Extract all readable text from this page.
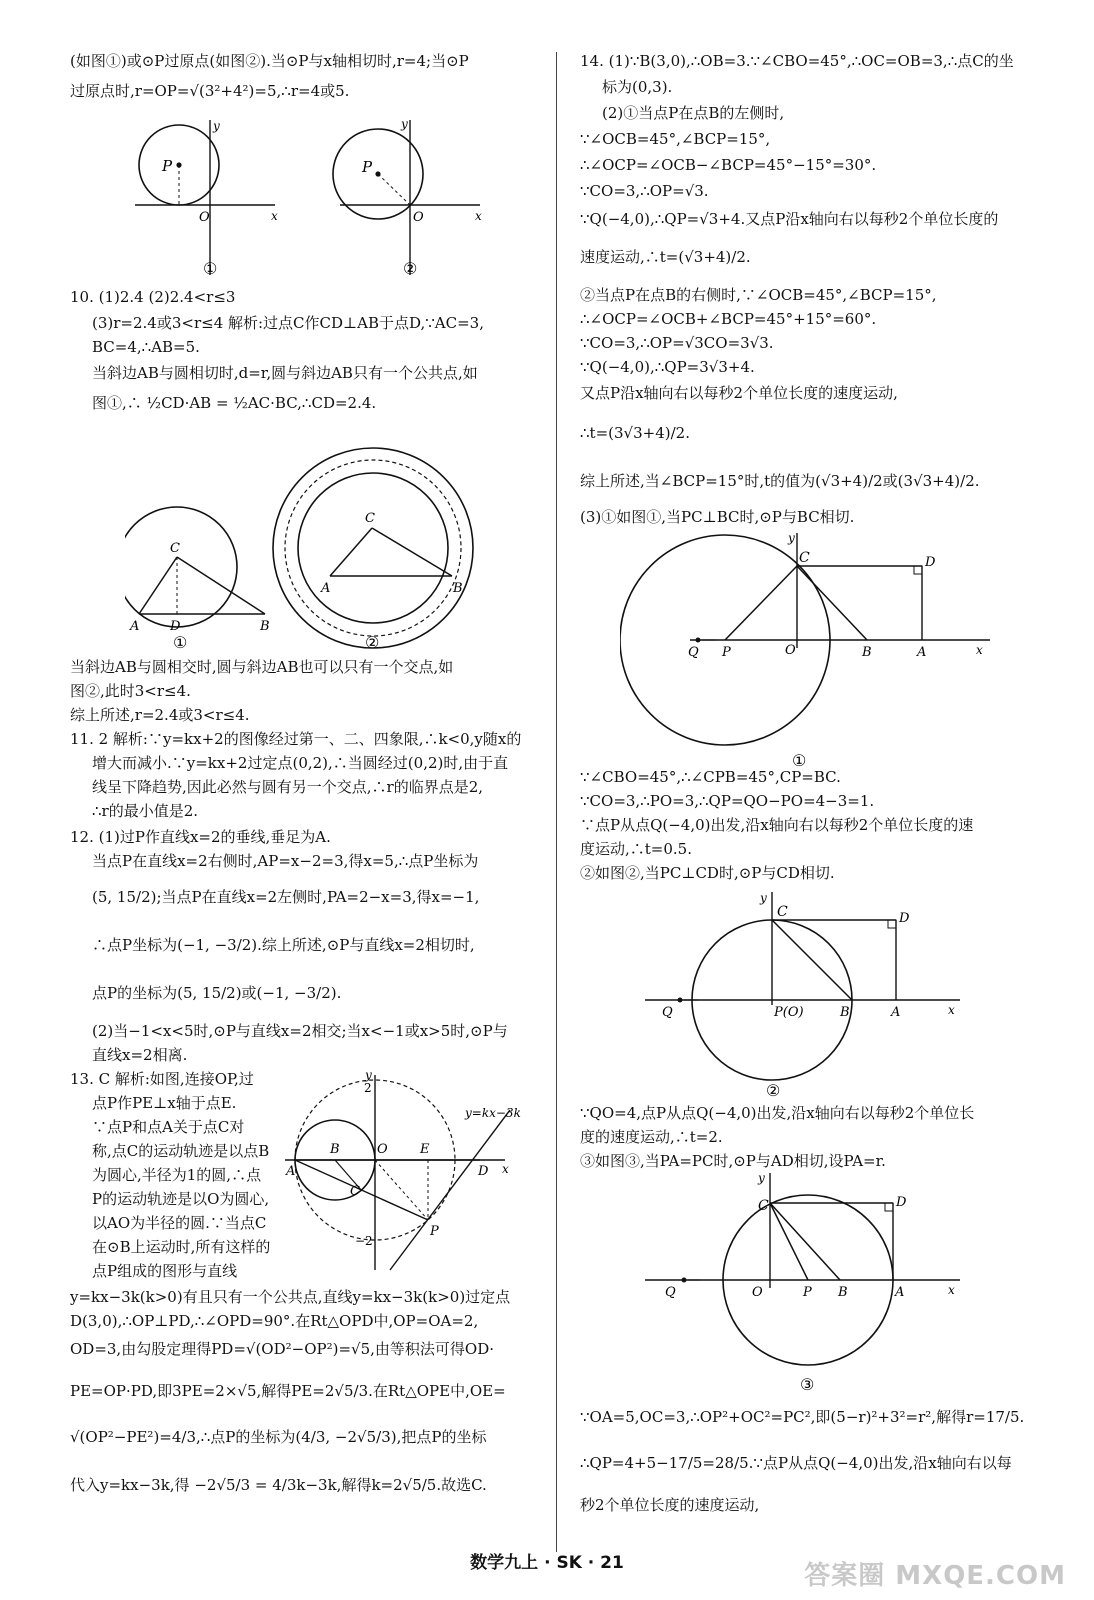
(如图①)或⊙P过原点(如图②).当⊙P与x轴相切时,r=4;当⊙P
过原点时,r=OP=√(3²+4²)=5,∴r=4或5.
P
O	x
y
①
P
O	x
y
②
10. (1)2.4 (2)2.4<r≤3
(3)r=2.4或3<r≤4 解析:过点C作CD⊥AB于点D,∵AC=3,
BC=4,∴AB=5.
当斜边AB与圆相切时,d=r,圆与斜边AB只有一个公共点,如
图①,∴ ½CD·AB = ½AC·BC,∴CD=2.4.
C
A D	B
①
C
A	B
②
当斜边AB与圆相交时,圆与斜边AB也可以只有一个交点,如
图②,此时3<r≤4.
综上所述,r=2.4或3<r≤4.
11. 2 解析:∵y=kx+2的图像经过第一、二、四象限,∴k<0,y随x的
增大而减小.∵y=kx+2过定点(0,2),∴当圆经过(0,2)时,由于直
线呈下降趋势,因此必然与圆有另一个交点,∴r的临界点是2,
∴r的最小值是2.
12. (1)过P作直线x=2的垂线,垂足为A.
当点P在直线x=2右侧时,AP=x−2=3,得x=5,∴点P坐标为
(5, 15/2);当点P在直线x=2左侧时,PA=2−x=3,得x=−1,
∴点P坐标为(−1, −3/2).综上所述,⊙P与直线x=2相切时,
点P的坐标为(5, 15/2)或(−1, −3/2).
(2)当−1<x<5时,⊙P与直线x=2相交;当x<−1或x>5时,⊙P与
直线x=2相离.
13. C 解析:如图,连接OP,过
点P作PE⊥x轴于点E.
∵点P和点A关于点C对
称,点C的运动轨迹是以点B
为圆心,半径为1的圆,∴点
P的运动轨迹是以O为圆心,
以AO为半径的圆.∵当点C
在⊙B上运动时,所有这样的
点P组成的图形与直线
A
B
C
D
E
O
P
x
y
2
−2
y=kx−3k
y=kx−3k(k>0)有且只有一个公共点,直线y=kx−3k(k>0)过定点
D(3,0),∴OP⊥PD,∴∠OPD=90°.在Rt△OPD中,OP=OA=2,
OD=3,由勾股定理得PD=√(OD²−OP²)=√5,由等积法可得OD·
PE=OP·PD,即3PE=2×√5,解得PE=2√5/3.在Rt△OPE中,OE=
√(OP²−PE²)=4/3,∴点P的坐标为(4/3, −2√5/3),把点P的坐标
代入y=kx−3k,得 −2√5/3 = 4/3k−3k,解得k=2√5/5.故选C.
14. (1)∵B(3,0),∴OB=3.∵∠CBO=45°,∴OC=OB=3,∴点C的坐
标为(0,3).
(2)①当点P在点B的左侧时,
∵∠OCB=45°,∠BCP=15°,
∴∠OCP=∠OCB−∠BCP=45°−15°=30°.
∵CO=3,∴OP=√3.
∵Q(−4,0),∴QP=√3+4.又点P沿x轴向右以每秒2个单位长度的
速度运动,∴t=(√3+4)/2.
②当点P在点B的右侧时,∵∠OCB=45°,∠BCP=15°,
∴∠OCP=∠OCB+∠BCP=45°+15°=60°.
∵CO=3,∴OP=√3CO=3√3.
∵Q(−4,0),∴QP=3√3+4.
又点P沿x轴向右以每秒2个单位长度的速度运动,
∴t=(3√3+4)/2.
综上所述,当∠BCP=15°时,t的值为(√3+4)/2或(3√3+4)/2.
(3)①如图①,当PC⊥BC时,⊙P与BC相切.
C	D
O
P
Q	B	A	x
y
①
∵∠CBO=45°,∴∠CPB=45°,CP=BC.
∵CO=3,∴PO=3,∴QP=QO−PO=4−3=1.
∵点P从点Q(−4,0)出发,沿x轴向右以每秒2个单位长度的速
度运动,∴t=0.5.
②如图②,当PC⊥CD时,⊙P与CD相切.
C	D
P(O)
Q	B	A	x
y
②
∵QO=4,点P从点Q(−4,0)出发,沿x轴向右以每秒2个单位长
度的速度运动,∴t=2.
③如图③,当PA=PC时,⊙P与AD相切,设PA=r.
C	D
O	P
Q	B	A	x
y
③
∵OA=5,OC=3,∴OP²+OC²=PC²,即(5−r)²+3²=r²,解得r=17/5.
∴QP=4+5−17/5=28/5.∵点P从点Q(−4,0)出发,沿x轴向右以每
秒2个单位长度的速度运动,
数学九上 · SK · 21	答案圈 MXQE.COM
